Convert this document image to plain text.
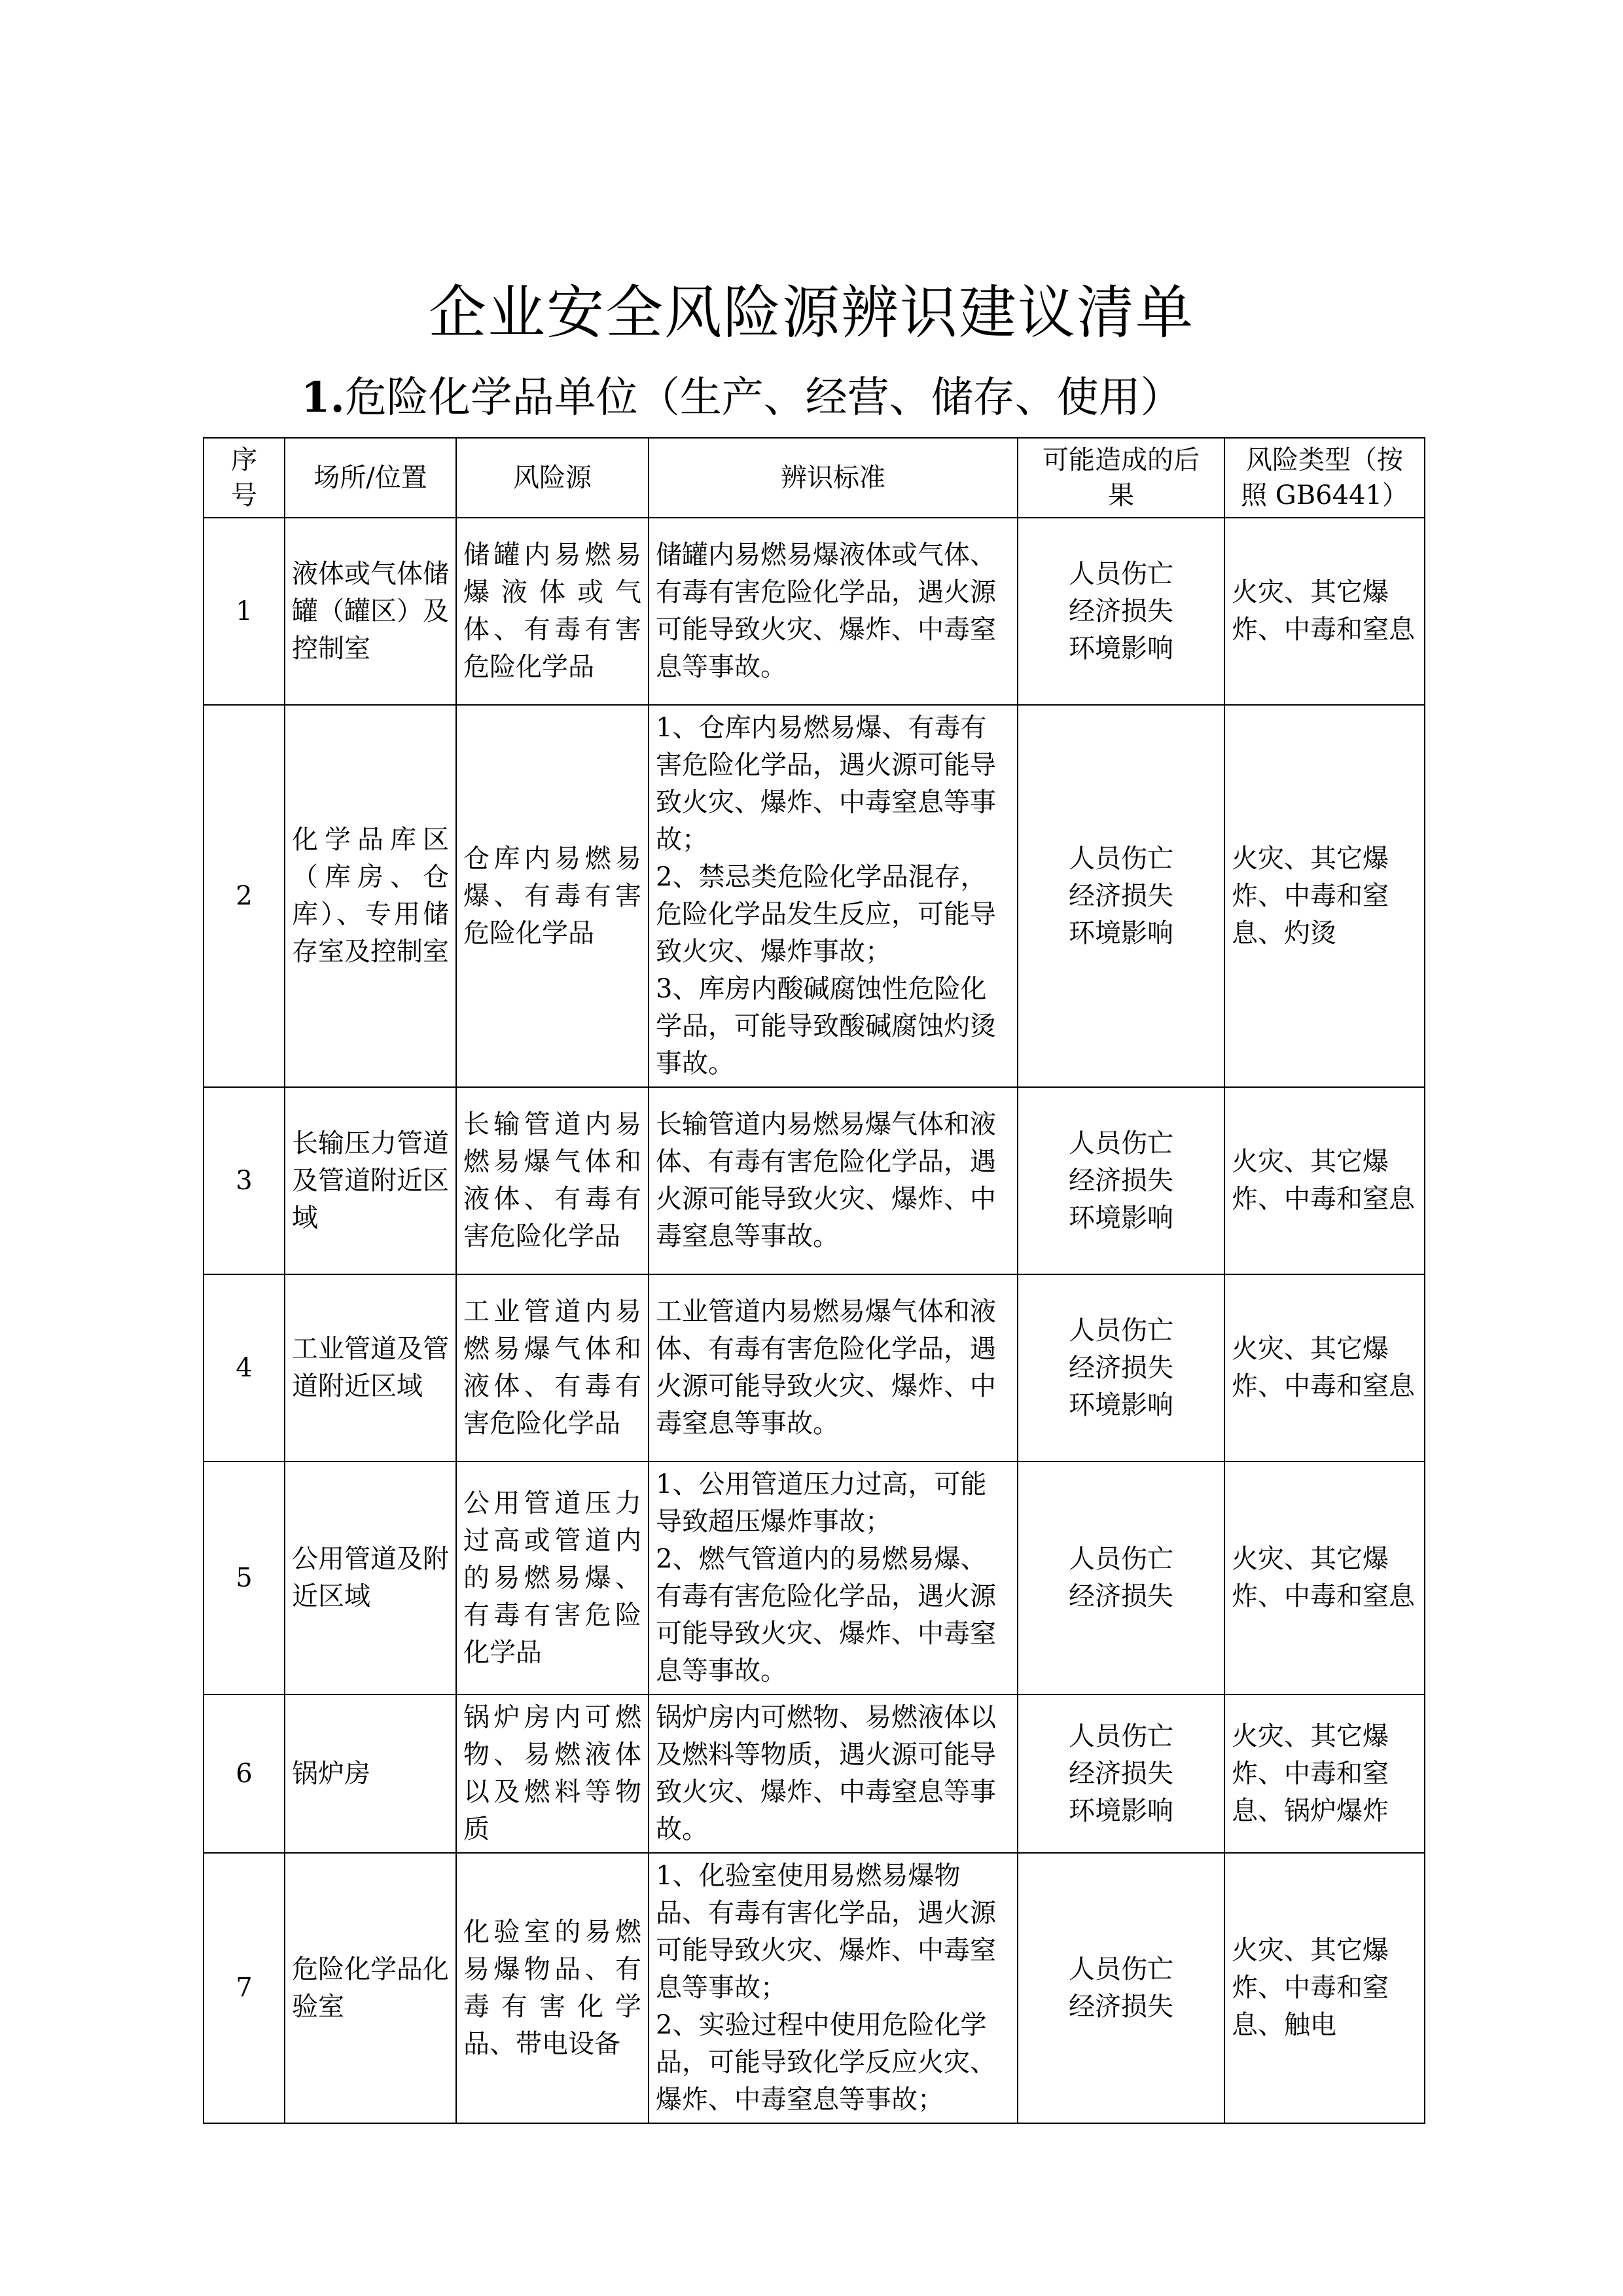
企业安全风险源辨识建议清单
1.危险化学品单位（生产、经营、储存、使用）
序
号	场所/位置	风险源	辨识标准	可能造成的后
果	风险类型（按
照 GB6441）
1	液体或气体储罐（罐区）及控制室	储罐内易燃易爆液体或气体、有毒有害危险化学品	储罐内易燃易爆液体或气体、有毒有害危险化学品，遇火源可能导致火灾、爆炸、中毒窒息等事故。	人员伤亡
经济损失
环境影响	火灾、其它爆炸、中毒和窒息
2	化学品库区（库房、仓库）、专用储存室及控制室	仓库内易燃易爆、有毒有害危险化学品	1、仓库内易燃易爆、有毒有害危险化学品，遇火源可能导致火灾、爆炸、中毒窒息等事故；
2、禁忌类危险化学品混存，危险化学品发生反应，可能导致火灾、爆炸事故；
3、库房内酸碱腐蚀性危险化学品，可能导致酸碱腐蚀灼烫事故。	人员伤亡
经济损失
环境影响	火灾、其它爆炸、中毒和窒息、灼烫
3	长输压力管道及管道附近区域	长输管道内易燃易爆气体和液体、有毒有害危险化学品	长输管道内易燃易爆气体和液体、有毒有害危险化学品，遇火源可能导致火灾、爆炸、中毒窒息等事故。	人员伤亡
经济损失
环境影响	火灾、其它爆炸、中毒和窒息
4	工业管道及管道附近区域	工业管道内易燃易爆气体和液体、有毒有害危险化学品	工业管道内易燃易爆气体和液体、有毒有害危险化学品，遇火源可能导致火灾、爆炸、中毒窒息等事故。	人员伤亡
经济损失
环境影响	火灾、其它爆炸、中毒和窒息
5	公用管道及附近区域	公用管道压力过高或管道内的易燃易爆、有毒有害危险化学品	1、公用管道压力过高，可能导致超压爆炸事故；
2、燃气管道内的易燃易爆、有毒有害危险化学品，遇火源可能导致火灾、爆炸、中毒窒息等事故。	人员伤亡
经济损失	火灾、其它爆炸、中毒和窒息
6	锅炉房	锅炉房内可燃物、易燃液体以及燃料等物质	锅炉房内可燃物、易燃液体以及燃料等物质，遇火源可能导致火灾、爆炸、中毒窒息等事故。	人员伤亡
经济损失
环境影响	火灾、其它爆炸、中毒和窒息、锅炉爆炸
7	危险化学品化验室	化验室的易燃易爆物品、有毒有害化学品、带电设备	1、化验室使用易燃易爆物品、有毒有害化学品，遇火源可能导致火灾、爆炸、中毒窒息等事故；
2、实验过程中使用危险化学品，可能导致化学反应火灾、爆炸、中毒窒息等事故；	人员伤亡
经济损失	火灾、其它爆炸、中毒和窒息、触电
